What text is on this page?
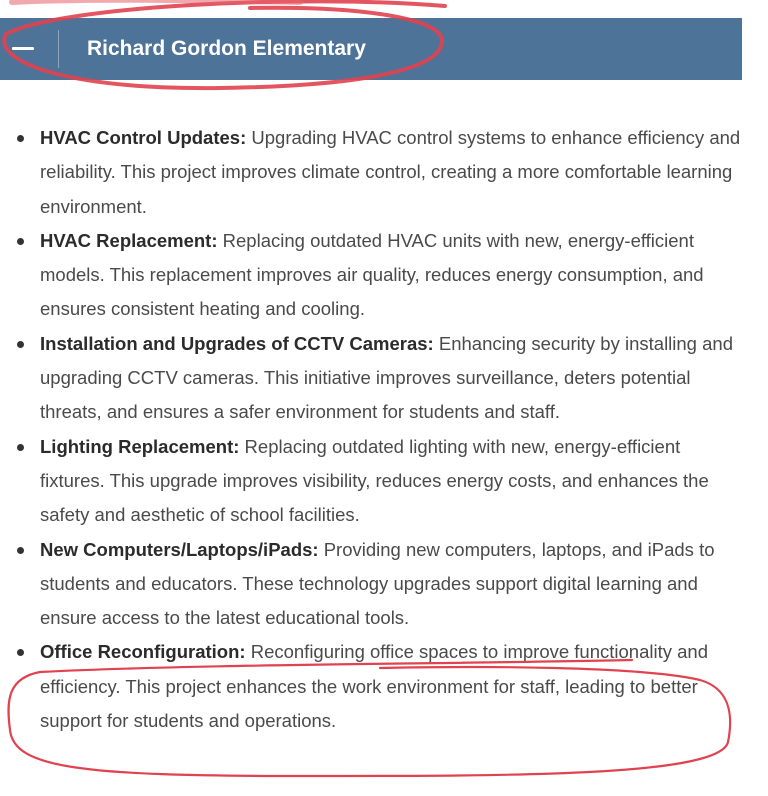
Richard Gordon Elementary
HVAC Control Updates: Upgrading HVAC control systems to enhance efficiency and reliability. This project improves climate control, creating a more comfortable learning environment.
HVAC Replacement: Replacing outdated HVAC units with new, energy-efficient models. This replacement improves air quality, reduces energy consumption, and ensures consistent heating and cooling.
Installation and Upgrades of CCTV Cameras: Enhancing security by installing and upgrading CCTV cameras. This initiative improves surveillance, deters potential threats, and ensures a safer environment for students and staff.
Lighting Replacement: Replacing outdated lighting with new, energy-efficient fixtures. This upgrade improves visibility, reduces energy costs, and enhances the safety and aesthetic of school facilities.
New Computers/Laptops/iPads: Providing new computers, laptops, and iPads to students and educators. These technology upgrades support digital learning and ensure access to the latest educational tools.
Office Reconfiguration: Reconfiguring office spaces to improve functionality and efficiency. This project enhances the work environment for staff, leading to better support for students and operations.
